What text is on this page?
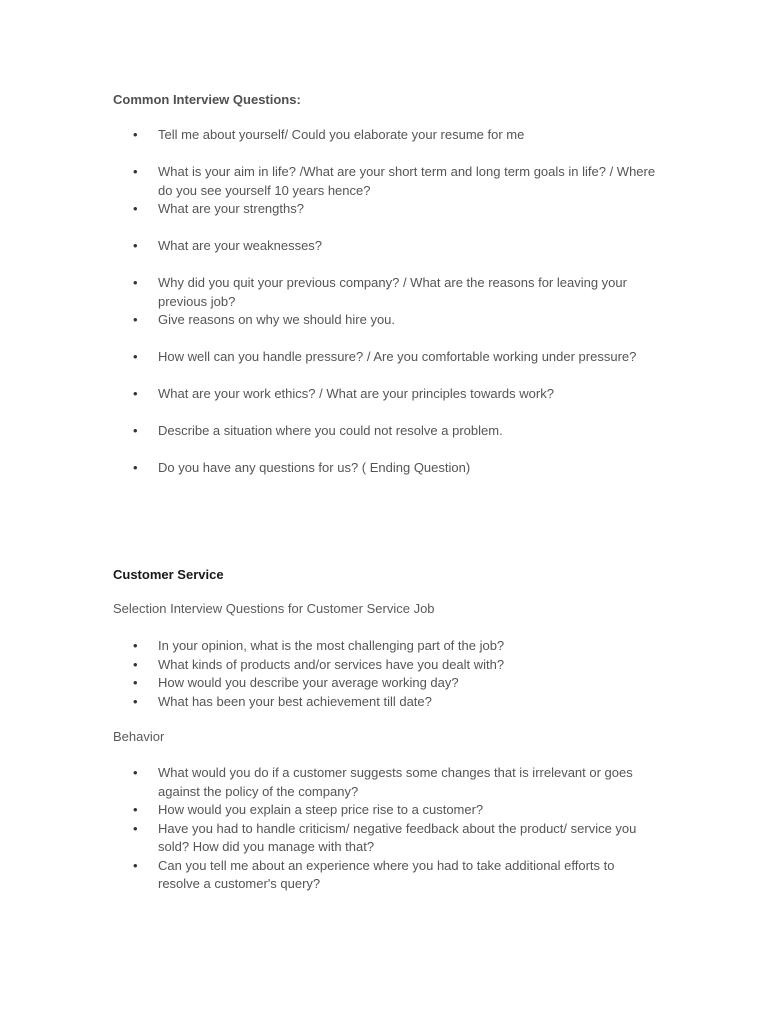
Common Interview Questions:
• Tell me about yourself/ Could you elaborate your resume for me
• What is your aim in life? /What are your short term and long term goals in life? / Where do you see yourself 10 years hence?
• What are your strengths?
• What are your weaknesses?
• Why did you quit your previous company? / What are the reasons for leaving your previous job?
• Give reasons on why we should hire you.
• How well can you handle pressure? / Are you comfortable working under pressure?
• What are your work ethics? / What are your principles towards work?
• Describe a situation where you could not resolve a problem.
• Do you have any questions for us? ( Ending Question)
Customer Service

Selection Interview Questions for Customer Service Job

• In your opinion, what is the most challenging part of the job?
• What kinds of products and/or services have you dealt with?
• How would you describe your average working day?
• What has been your best achievement till date?

Behavior

• What would you do if a customer suggests some changes that is irrelevant or goes against the policy of the company?
• How would you explain a steep price rise to a customer?
• Have you had to handle criticism/ negative feedback about the product/ service you sold? How did you manage with that?
• Can you tell me about an experience where you had to take additional efforts to resolve a customer's query?
